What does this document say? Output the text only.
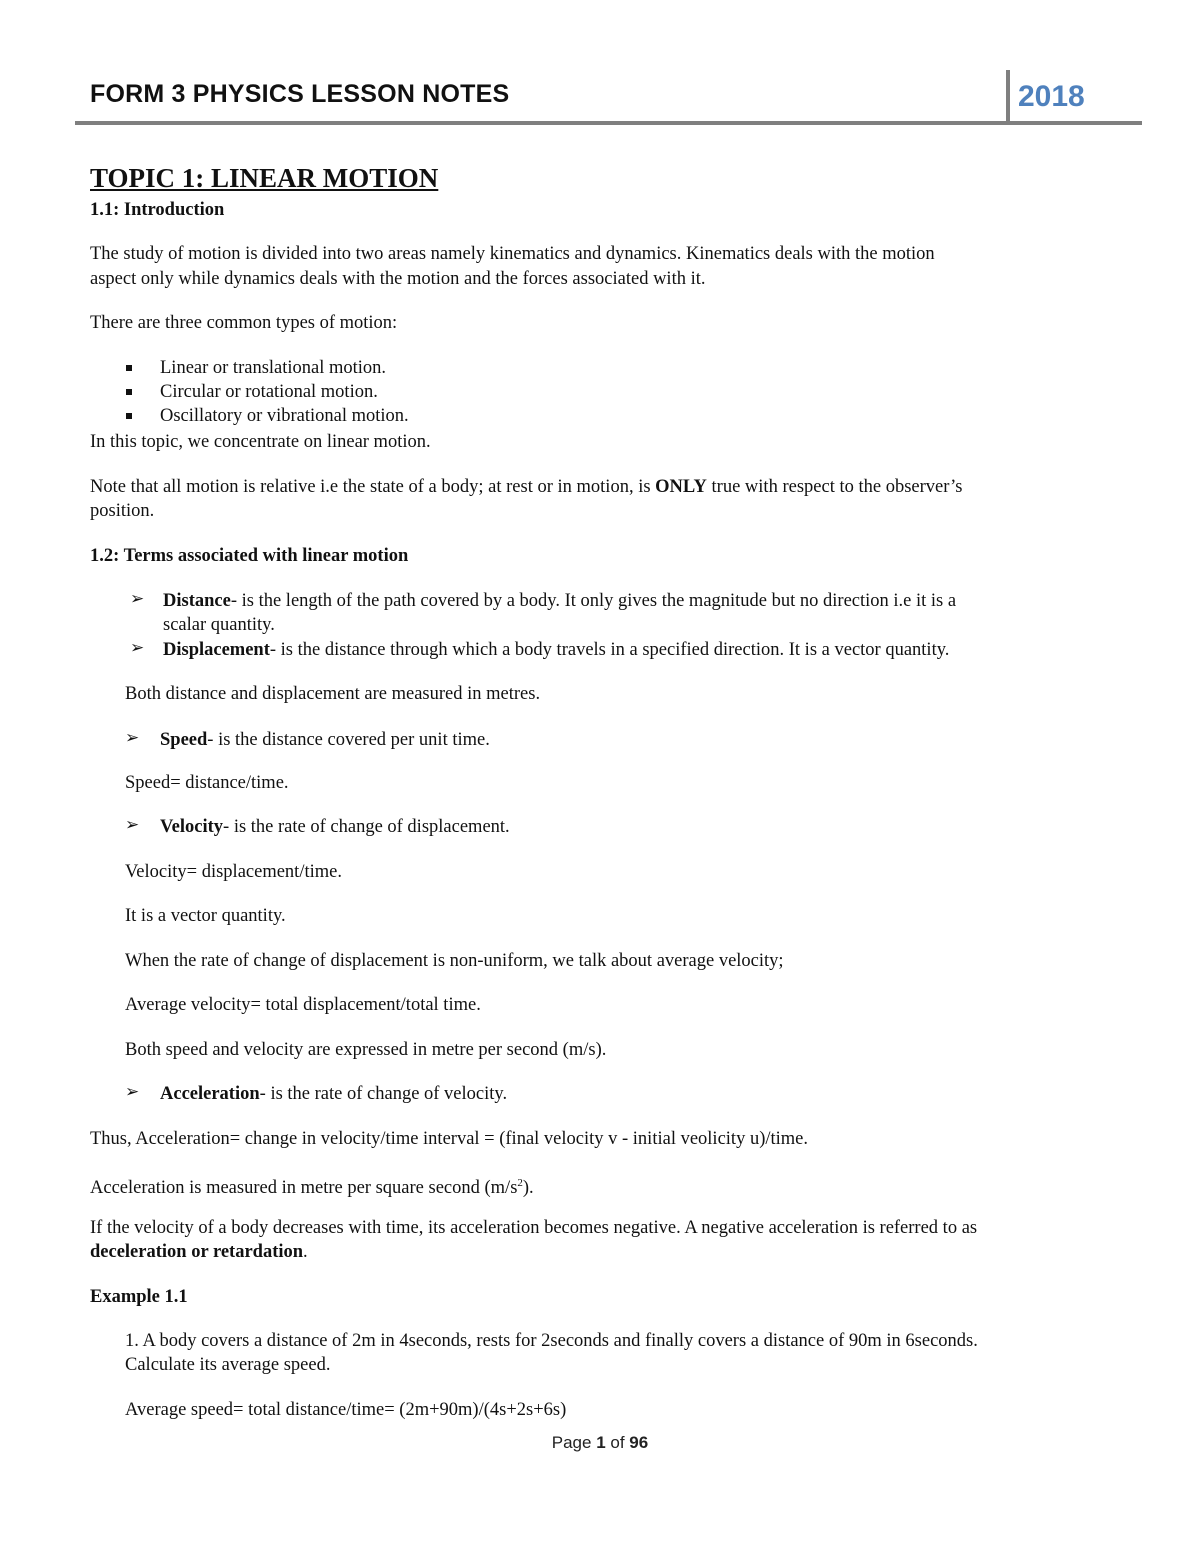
FORM 3 PHYSICS LESSON NOTES	2018
TOPIC 1: LINEAR MOTION
1.1: Introduction
The study of motion is divided into two areas namely kinematics and dynamics. Kinematics deals with the motion
aspect only while dynamics deals with the motion and the forces associated with it.
There are three common types of motion:
Linear or translational motion.
Circular or rotational motion.
Oscillatory or vibrational motion.
In this topic, we concentrate on linear motion.
Note that all motion is relative i.e the state of a body; at rest or in motion, is ONLY true with respect to the observer’s
position.
1.2: Terms associated with linear motion
➢ Distance- is the length of the path covered by a body. It only gives the magnitude but no direction i.e it is a
scalar quantity.
➢ Displacement- is the distance through which a body travels in a specified direction. It is a vector quantity.
Both distance and displacement are measured in metres.
➢ Speed- is the distance covered per unit time.
Speed= distance/time.
➢ Velocity- is the rate of change of displacement.
Velocity= displacement/time.
It is a vector quantity.
When the rate of change of displacement is non-uniform, we talk about average velocity;
Average velocity= total displacement/total time.
Both speed and velocity are expressed in metre per second (m/s).
➢ Acceleration- is the rate of change of velocity.
Thus, Acceleration= change in velocity/time interval = (final velocity v - initial veolicity u)/time.
Acceleration is measured in metre per square second $(m/s^2)$.
If the velocity of a body decreases with time, its acceleration becomes negative. A negative acceleration is referred to as
deceleration or retardation.
Example 1.1
1. A body covers a distance of 2m in 4seconds, rests for 2seconds and finally covers a distance of 90m in 6seconds.
Calculate its average speed.
Average speed= total distance/time= (2m+90m)/(4s+2s+6s)
Page 1 of 96
